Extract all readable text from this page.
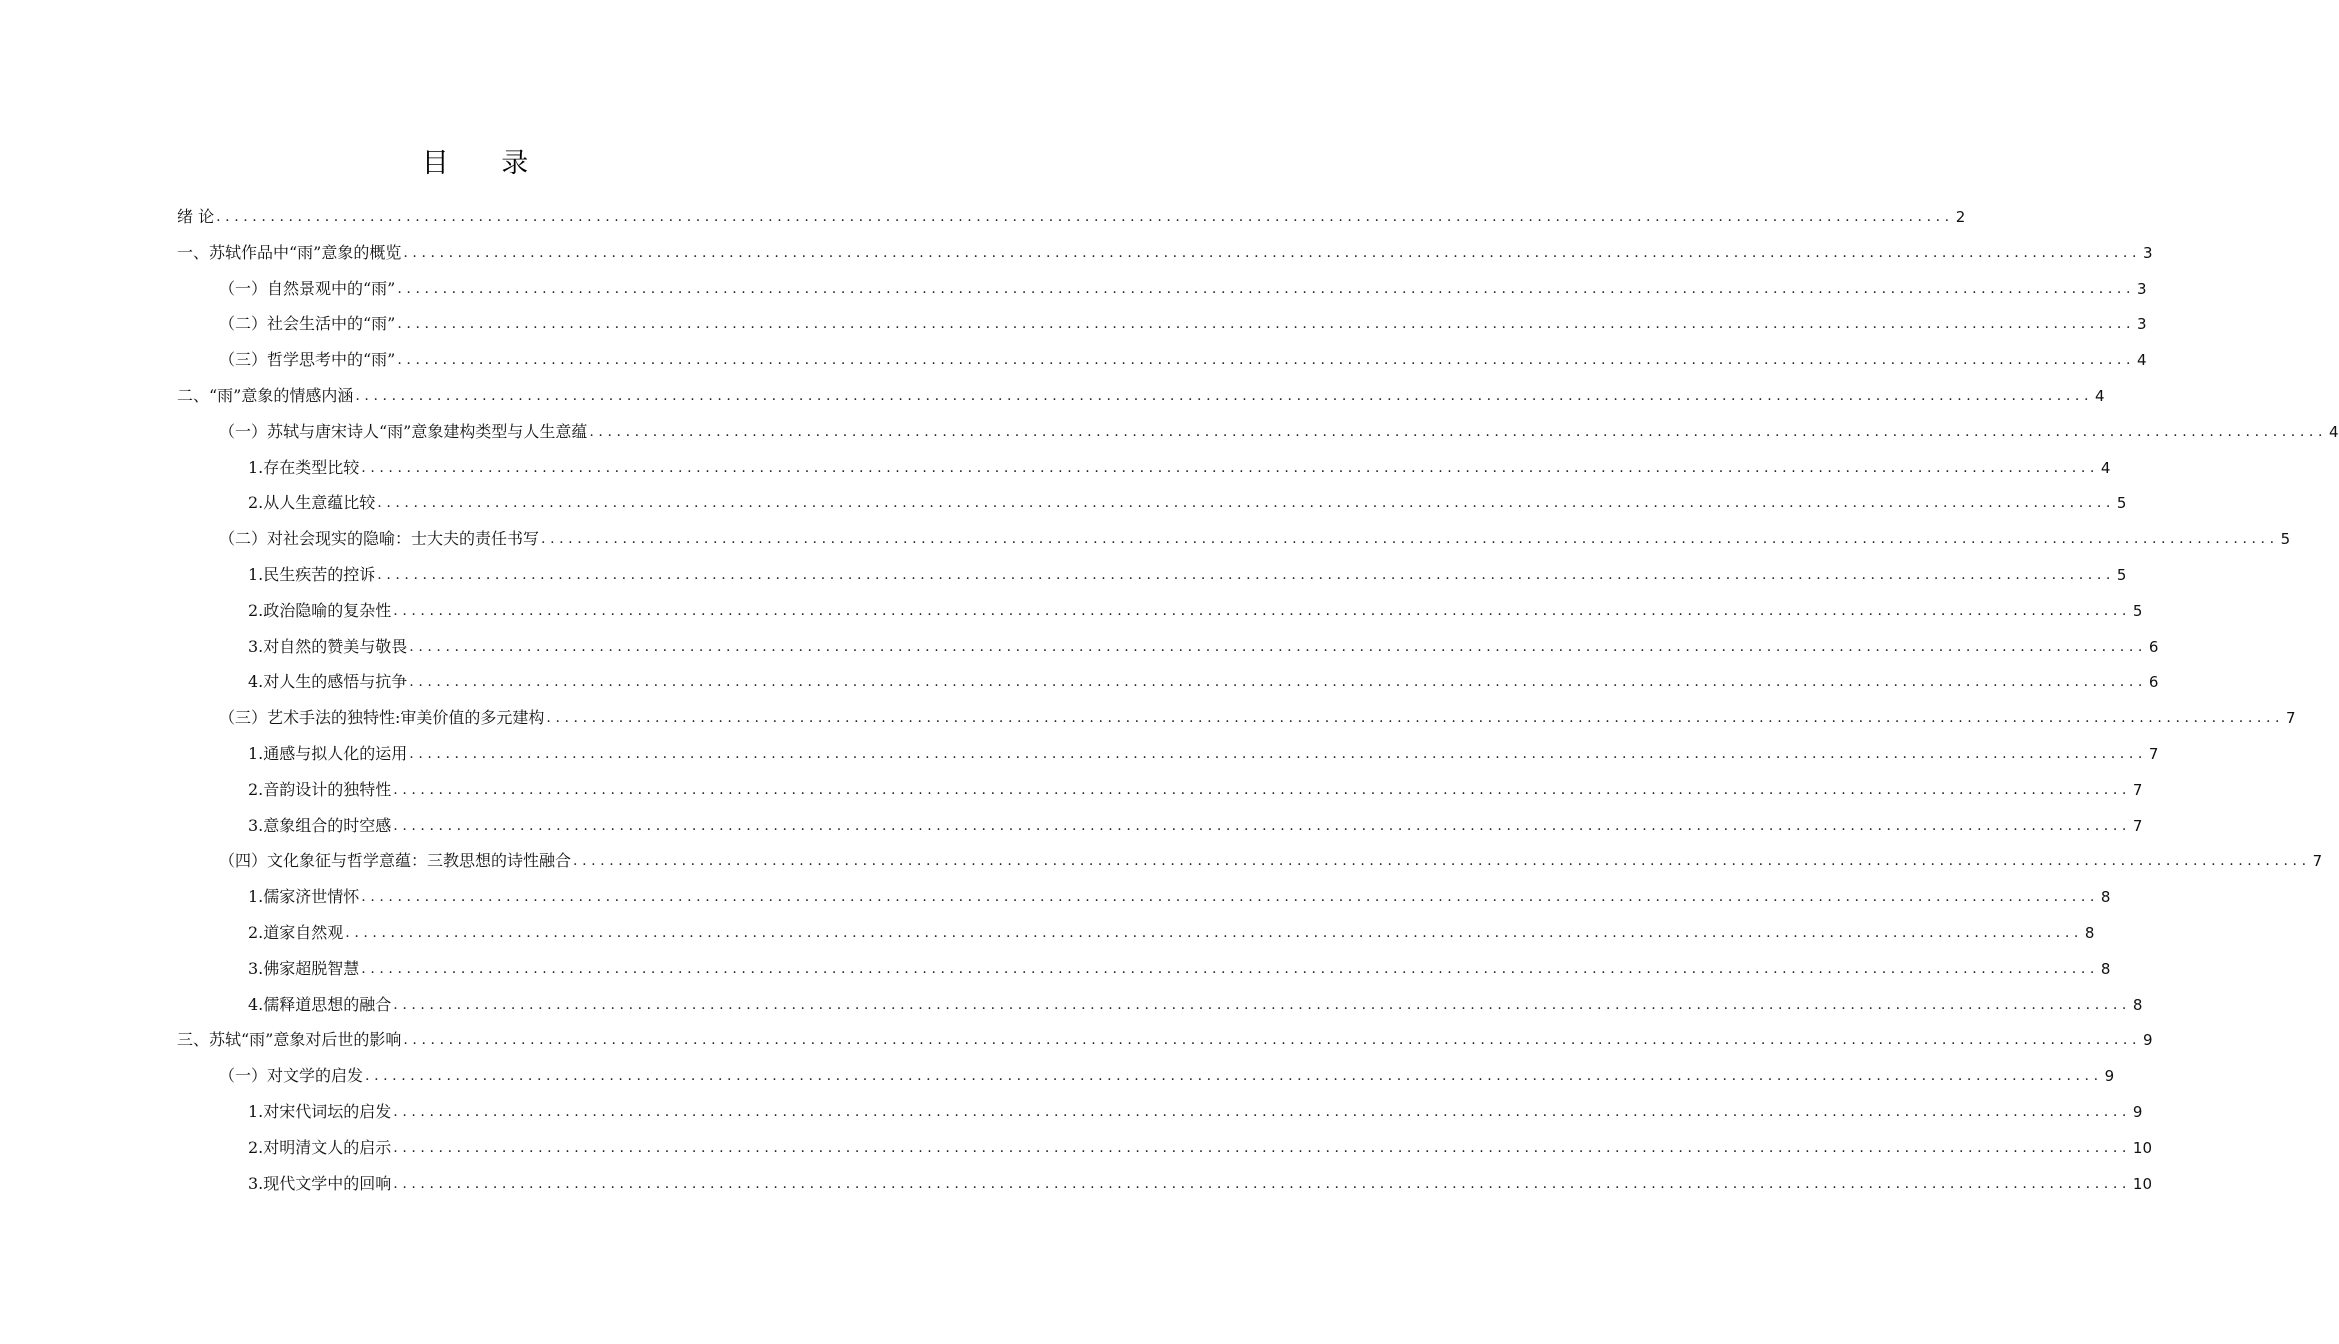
目 录
绪 论 ................................................................................................................................................................................................ 2
一、苏轼作品中“雨”意象的概览 ................................................................................................................................................................................................ 3
（一）自然景观中的“雨” ................................................................................................................................................................................................ 3
（二）社会生活中的“雨” ................................................................................................................................................................................................ 3
（三）哲学思考中的“雨” ................................................................................................................................................................................................ 4
二、“雨”意象的情感内涵 ................................................................................................................................................................................................ 4
（一）苏轼与唐宋诗人“雨”意象建构类型与人生意蕴 ................................................................................................................................................................................................ 4
1.存在类型比较 ................................................................................................................................................................................................ 4
2.从人生意蕴比较 ................................................................................................................................................................................................ 5
（二）对社会现实的隐喻：士大夫的责任书写 ................................................................................................................................................................................................ 5
1.民生疾苦的控诉 ................................................................................................................................................................................................ 5
2.政治隐喻的复杂性 ................................................................................................................................................................................................ 5
3.对自然的赞美与敬畏 ................................................................................................................................................................................................ 6
4.对人生的感悟与抗争 ................................................................................................................................................................................................ 6
（三）艺术手法的独特性:审美价值的多元建构 ................................................................................................................................................................................................ 7
1.通感与拟人化的运用 ................................................................................................................................................................................................ 7
2.音韵设计的独特性 ................................................................................................................................................................................................ 7
3.意象组合的时空感 ................................................................................................................................................................................................ 7
（四）文化象征与哲学意蕴：三教思想的诗性融合 ................................................................................................................................................................................................ 7
1.儒家济世情怀 ................................................................................................................................................................................................ 8
2.道家自然观 ................................................................................................................................................................................................ 8
3.佛家超脱智慧 ................................................................................................................................................................................................ 8
4.儒释道思想的融合 ................................................................................................................................................................................................ 8
三、苏轼“雨”意象对后世的影响 ................................................................................................................................................................................................ 9
（一）对文学的启发 ................................................................................................................................................................................................ 9
1.对宋代词坛的启发 ................................................................................................................................................................................................ 9
2.对明清文人的启示 ................................................................................................................................................................................................ 10
3.现代文学中的回响 ................................................................................................................................................................................................ 10
